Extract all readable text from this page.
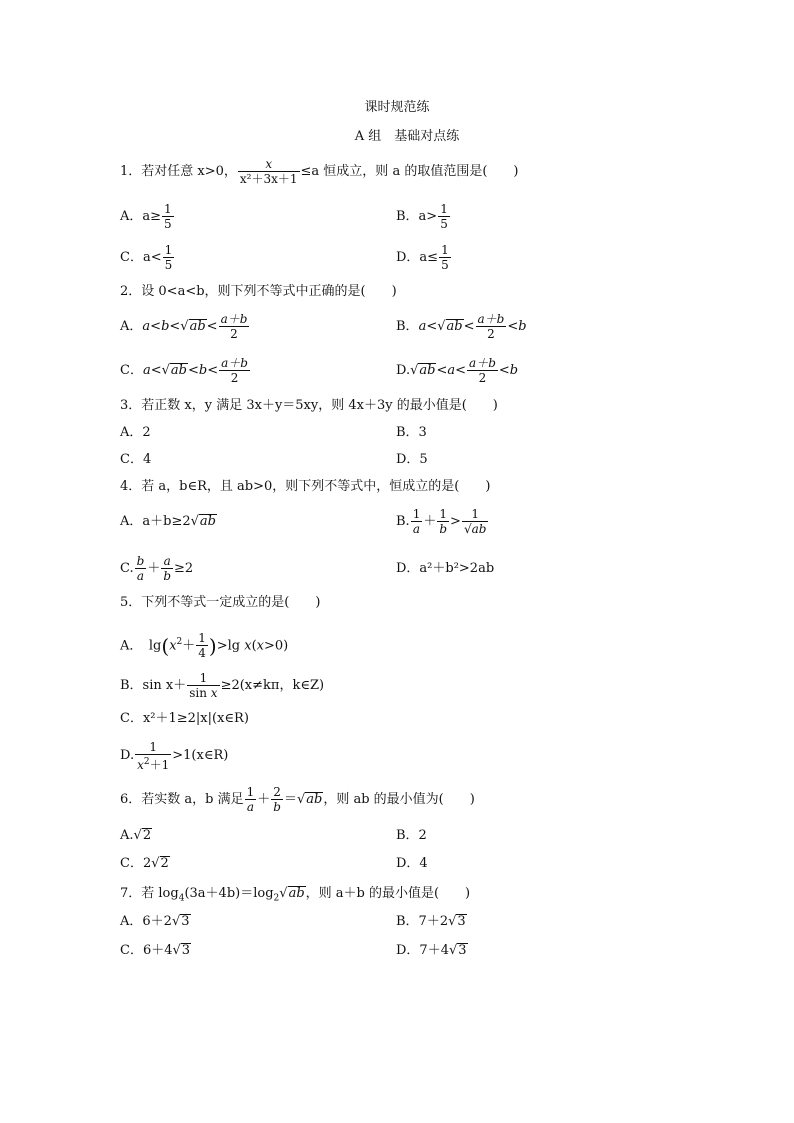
课时规范练
A 组　基础对点练
1．若对任意 x>0， $\frac{x}{\text{x²＋3x＋1}} \le a$ 恒成立，则 a 的取值范围是(　　)
A．$a\ge \frac{1}{5}$	B．$a> \frac{1}{5}$
C．$a< \frac{1}{5}$	D．$a\le \frac{1}{5}$
2．设 0<a<b，则下列不等式中正确的是(　　)
A．$a<b<√ab< \frac{a+b}{2}$	B．$a<√ab< \frac{a+b}{2} <b$
C．$a<√ab<b< \frac{a+b}{2}$	$D.√ab<a< \frac{a+b}{2} <b$
3．若正数 x，y 满足 3x＋y＝5xy，则 4x＋3y 的最小值是(　　)
A．2	B．3
C．4	D．5
4．若 a，b∈R，且 ab>0，则下列不等式中，恒成立的是(　　)
A．a＋b≥2√ab	B. $\frac{1}{a} + \frac{1}{b} > \frac{1}{√ab}$
C. $\frac{b}{a} + \frac{a}{b} \ge 2$	D．a²＋b²>2ab
5．下列不等式一定成立的是(　　)
A．　$\lg(x^2+ \frac{1}{4} )>\lg$ x(x>0)
B．$\sin x+ \frac{1}{\text{sin x}} \ge 2(x\ne k\pi$，k∈Z)
C．x²＋1≥2|x|(x∈R)
D. $\frac{1}{x^2+1}$ >1(x∈R)
6．若实数 a，b 满足 $\frac{1}{a} + \frac{2}{b} =√ab$，则 ab 的最小值为(　　)
A.√2	B．2
C．2√2	D．4
7．若 $\log_4(3a+4b)=\log_2√ab$，则 a＋b 的最小值是(　　)
A．6＋2√3	B．7＋2√3
C．6＋4√3	D．7＋4√3
